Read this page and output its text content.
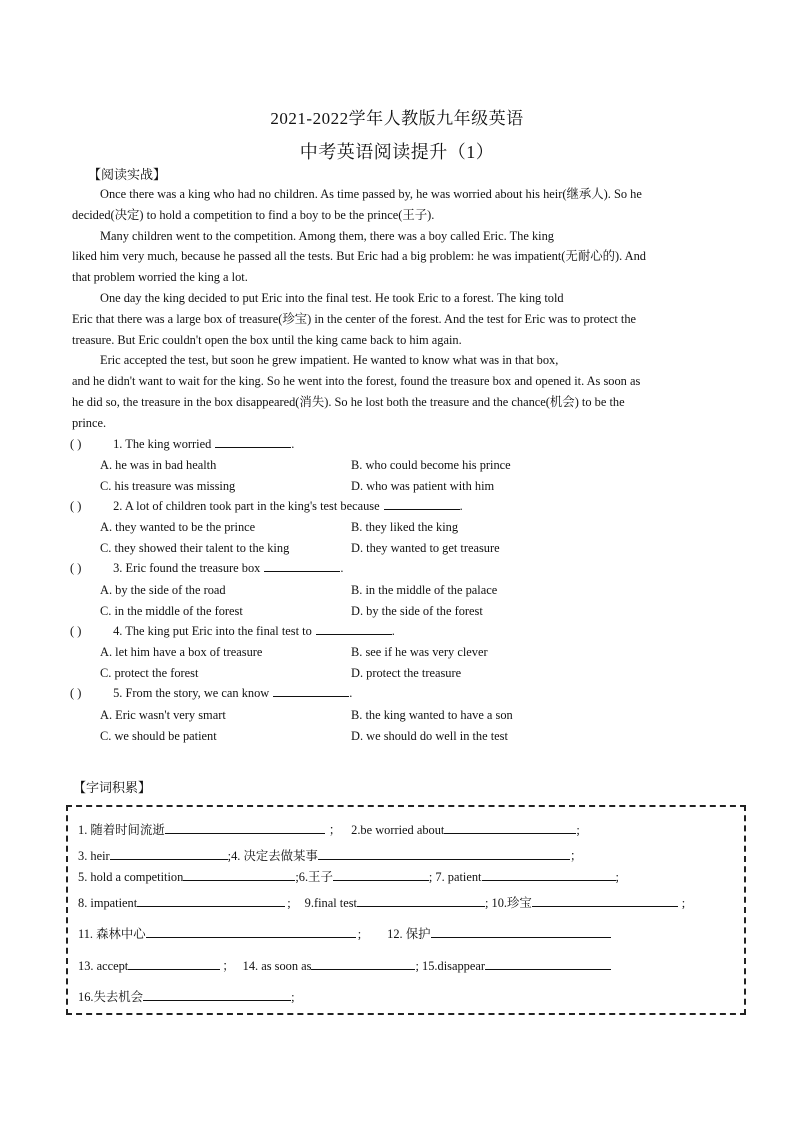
2021-2022学年人教版九年级英语
中考英语阅读提升（1）
【阅读实战】
Once there was a king who had no children. As time passed by, he was worried about his heir(继承人). So he
decided(决定) to hold a competition to find a boy to be the prince(王子).
Many children went to the competition. Among them, there was a boy called Eric. The king
liked him very much, because he passed all the tests. But Eric had a big problem: he was impatient(无耐心的). And
that problem worried the king a lot.
One day the king decided to put Eric into the final test. He took Eric to a forest. The king told
Eric that there was a large box of treasure(珍宝) in the center of the forest. And the test for Eric was to protect the
treasure. But Eric couldn't open the box until the king came back to him again.
Eric accepted the test, but soon he grew impatient. He wanted to know what was in that box,
and he didn't want to wait for the king. So he went into the forest, found the treasure box and opened it. As soon as
he did so, the treasure in the box disappeared(消失). So he lost both the treasure and the chance(机会) to be the
prince.
( )	1. The king worried	.
A. he was in bad health	B. who could become his prince
C. his treasure was missing	D. who was patient with him
( )	2. A lot of children took part in the king's test because	.
A. they wanted to be the prince	B. they liked the king
C. they showed their talent to the king	D. they wanted to get treasure
( )	3. Eric found the treasure box	.
A. by the side of the road	B. in the middle of the palace
C. in the middle of the forest	D. by the side of the forest
( )	4. The king put Eric into the final test to	.
A. let him have a box of treasure	B. see if he was very clever
C. protect the forest	D. protect the treasure
( )	5. From the story, we can know	.
A. Eric wasn't very smart	B. the king wanted to have a son
C. we should be patient	D. we should do well in the test
【字词积累】
1. 随着时间流逝	； 2.be worried about	;
3. heir	;4. 决定去做某事	；
5. hold a competition	;6.王子	; 7. patient	;
8. impatient	; 9.final test	; 10.珍宝	;
11. 森林中心	; 12. 保护
13. accept	； 14. as soon as	; 15.disappear
16.失去机会	;
